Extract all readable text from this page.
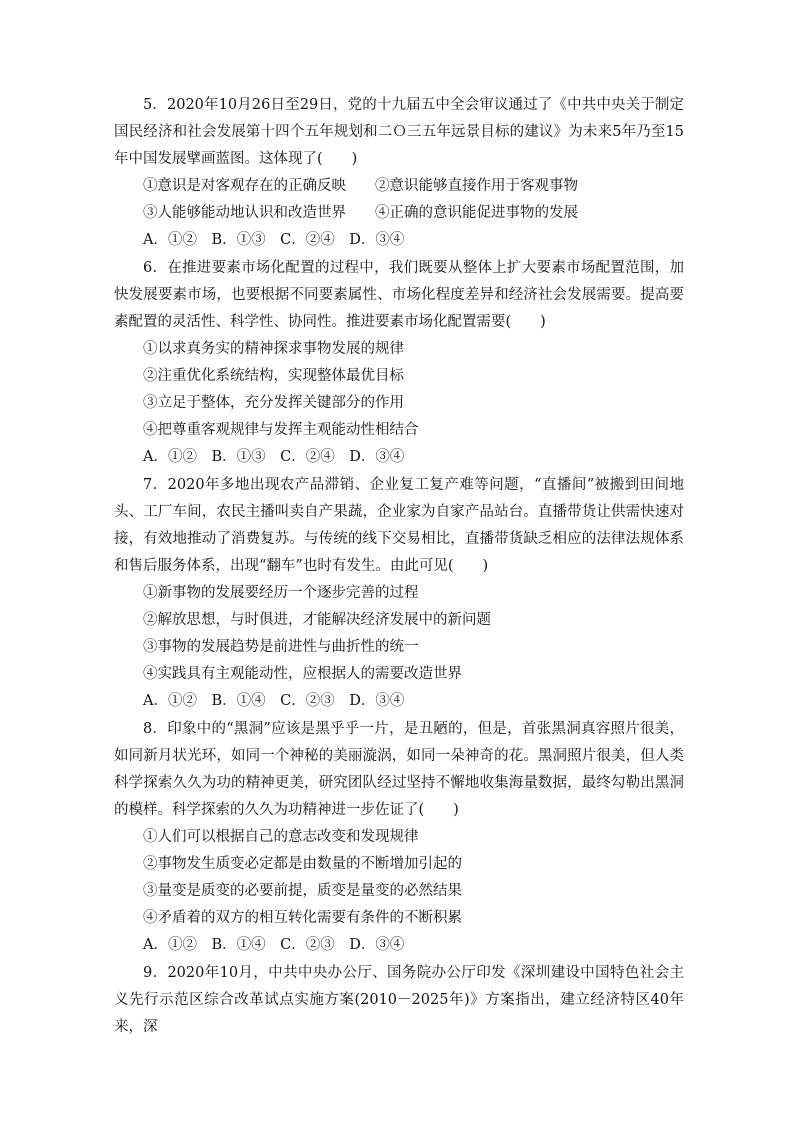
5．2020年10月26日至29日，党的十九届五中全会审议通过了《中共中央关于制定国民经济和社会发展第十四个五年规划和二Ｏ三五年远景目标的建议》为未来5年乃至15年中国发展擘画蓝图。这体现了(　　)

①意识是对客观存在的正确反映　　②意识能够直接作用于客观事物

③人能够能动地认识和改造世界　　④正确的意识能促进事物的发展

A．①②　B．①③　C．②④　D．③④

6．在推进要素市场化配置的过程中，我们既要从整体上扩大要素市场配置范围，加快发展要素市场，也要根据不同要素属性、市场化程度差异和经济社会发展需要。提高要素配置的灵活性、科学性、协同性。推进要素市场化配置需要(　　)

①以求真务实的精神探求事物发展的规律

②注重优化系统结构，实现整体最优目标

③立足于整体，充分发挥关键部分的作用

④把尊重客观规律与发挥主观能动性相结合

A．①②　B．①③　C．②④　D．③④

7．2020年多地出现农产品滞销、企业复工复产难等问题，“直播间”被搬到田间地头、工厂车间，农民主播叫卖自产果蔬，企业家为自家产品站台。直播带货让供需快速对接，有效地推动了消费复苏。与传统的线下交易相比，直播带货缺乏相应的法律法规体系和售后服务体系，出现“翻车”也时有发生。由此可见(　　)

①新事物的发展要经历一个逐步完善的过程

②解放思想，与时俱进，才能解决经济发展中的新问题

③事物的发展趋势是前进性与曲折性的统一

④实践具有主观能动性，应根据人的需要改造世界

A．①②　B．①④　C．②③　D．③④

8．印象中的“黑洞”应该是黑乎乎一片，是丑陋的，但是，首张黑洞真容照片很美，如同新月状光环，如同一个神秘的美丽漩涡，如同一朵神奇的花。黑洞照片很美，但人类科学探索久久为功的精神更美，研究团队经过坚持不懈地收集海量数据，最终勾勒出黑洞的模样。科学探索的久久为功精神进一步佐证了(　　)

①人们可以根据自己的意志改变和发现规律

②事物发生质变必定都是由数量的不断增加引起的

③量变是质变的必要前提，质变是量变的必然结果

④矛盾着的双方的相互转化需要有条件的不断积累

A．①②　B．①④　C．②③　D．③④

9．2020年10月，中共中央办公厅、国务院办公厅印发《深圳建设中国特色社会主义先行示范区综合改革试点实施方案(2010－2025年)》方案指出，建立经济特区40年来，深
